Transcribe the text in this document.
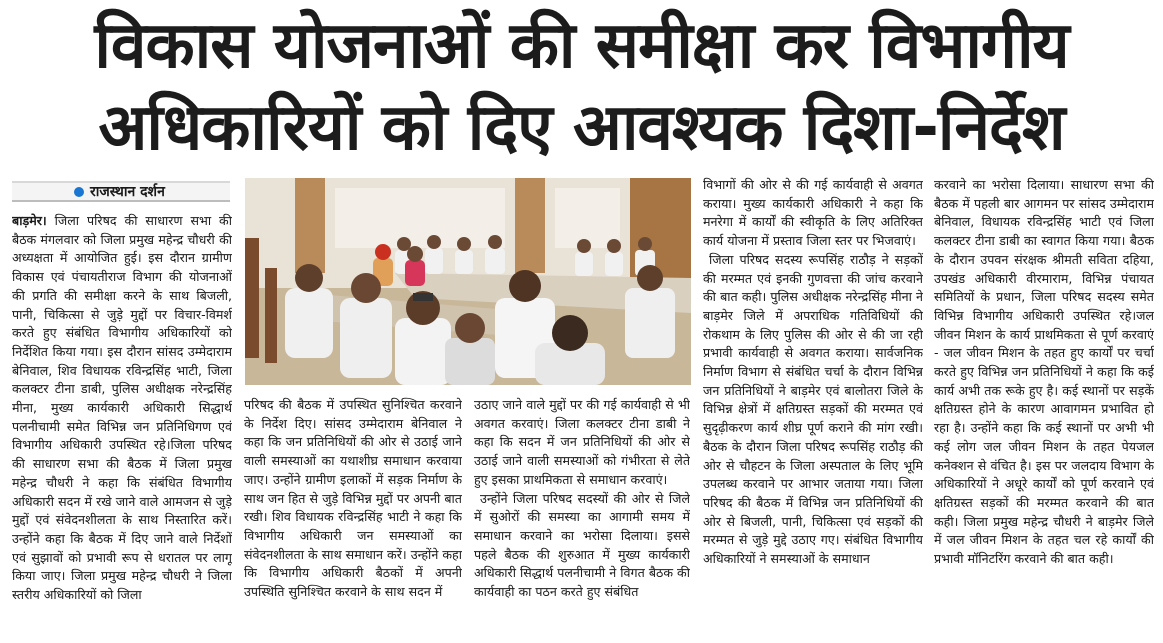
विकास योजनाओं की समीक्षा कर विभागीय
अधिकारियों को दिए आवश्यक दिशा-निर्देश
राजस्थान दर्शन

बाड़मेर। जिला परिषद की साधारण सभा की बैठक मंगलवार को जिला प्रमुख महेन्द्र चौधरी की अध्यक्षता में आयोजित हुई। इस दौरान ग्रामीण विकास एवं पंचायतीराज विभाग की योजनाओं की प्रगति की समीक्षा करने के साथ बिजली, पानी, चिकित्सा से जुड़े मुद्दों पर विचार-विमर्श करते हुए संबंधित विभागीय अधिकारियों को निर्देशित किया गया। इस दौरान सांसद उम्मेदाराम बेनिवाल, शिव विधायक रविन्द्रसिंह भाटी, जिला कलक्टर टीना डाबी, पुलिस अधीक्षक नरेन्द्रसिंह मीना, मुख्य कार्यकारी अधिकारी सिद्धार्थ पलनीचामी समेत विभिन्न जन प्रतिनिधिगण एवं विभागीय अधिकारी उपस्थित रहे।जिला परिषद की साधारण सभा की बैठक में जिला प्रमुख महेन्द्र चौधरी ने कहा कि संबंधित विभागीय अधिकारी सदन में रखे जाने वाले आमजन से जुड़े मुद्दों एवं संवेदनशीलता के साथ निस्तारित करें। उन्होंने कहा कि बैठक में दिए जाने वाले निर्देशों एवं सुझावों को प्रभावी रूप से धरातल पर लागू किया जाए। जिला प्रमुख महेन्द्र चौधरी ने जिला स्तरीय अधिकारियों को जिला

परिषद की बैठक में उपस्थित सुनिश्चित करवाने के निर्देश दिए। सांसद उम्मेदाराम बेनिवाल ने कहा कि जन प्रतिनिधियों की ओर से उठाई जाने वाली समस्याओं का यथाशीघ्र समाधान करवाया जाए। उन्होंने ग्रामीण इलाकों में सड़क निर्माण के साथ जन हित से जुड़े विभिन्न मुद्दों पर अपनी बात रखी। शिव विधायक रविन्द्रसिंह भाटी ने कहा कि विभागीय अधिकारी जन समस्याओं का संवेदनशीलता के साथ समाधान करें। उन्होंने कहा कि विभागीय अधिकारी बैठकों में अपनी उपस्थिति सुनिश्चित करवाने के साथ सदन में

उठाए जाने वाले मुद्दों पर की गई कार्यवाही से भी अवगत करवाएं। जिला कलक्टर टीना डाबी ने कहा कि सदन में जन प्रतिनिधियों की ओर से उठाई जाने वाली समस्याओं को गंभीरता से लेते हुए इसका प्राथमिकता से समाधान करवाएं।

उन्होंने जिला परिषद सदस्यों की ओर से जिले में सुओरों की समस्या का आगामी समय में समाधान करवाने का भरोसा दिलाया। इससे पहले बैठक की शुरुआत में मुख्य कार्यकारी अधिकारी सिद्धार्थ पलनीचामी ने विगत बैठक की कार्यवाही का पठन करते हुए संबंधित

विभागों की ओर से की गई कार्यवाही से अवगत कराया। मुख्य कार्यकारी अधिकारी ने कहा कि मनरेगा में कार्यों की स्वीकृति के लिए अतिरिक्त कार्य योजना में प्रस्ताव जिला स्तर पर भिजवाएं।

जिला परिषद सदस्य रूपसिंह राठौड़ ने सड़कों की मरम्मत एवं इनकी गुणवत्ता की जांच करवाने की बात कही। पुलिस अधीक्षक नरेन्द्रसिंह मीना ने बाड़मेर जिले में अपराधिक गतिविधियों की रोकथाम के लिए पुलिस की ओर से की जा रही प्रभावी कार्यवाही से अवगत कराया। सार्वजनिक निर्माण विभाग से संबंधित चर्चा के दौरान विभिन्न जन प्रतिनिधियों ने बाड़मेर एवं बालोतरा जिले के विभिन्न क्षेत्रों में क्षतिग्रस्त सड़कों की मरम्मत एवं सुदृढ़ीकरण कार्य शीघ्र पूर्ण कराने की मांग रखी। बैठक के दौरान जिला परिषद रूपसिंह राठौड़ की ओर से चौहटन के जिला अस्पताल के लिए भूमि उपलब्ध करवाने पर आभार जताया गया। जिला परिषद की बैठक में विभिन्न जन प्रतिनिधियों की ओर से बिजली, पानी, चिकित्सा एवं सड़कों की मरम्मत से जुड़े मुद्दे उठाए गए। संबंधित विभागीय अधिकारियों ने समस्याओं के समाधान

करवाने का भरोसा दिलाया। साधारण सभा की बैठक में पहली बार आगमन पर सांसद उम्मेदाराम बेनिवाल, विधायक रविन्द्रसिंह भाटी एवं जिला कलक्टर टीना डाबी का स्वागत किया गया। बैठक के दौरान उपवन संरक्षक श्रीमती सविता दहिया, उपखंड अधिकारी वीरमाराम, विभिन्न पंचायत समितियों के प्रधान, जिला परिषद सदस्य समेत विभिन्न विभागीय अधिकारी उपस्थित रहे।जल जीवन मिशन के कार्य प्राथमिकता से पूर्ण करवाएं - जल जीवन मिशन के तहत हुए कार्यों पर चर्चा करते हुए विभिन्न जन प्रतिनिधियों ने कहा कि कई कार्य अभी तक रूके हुए है। कई स्थानों पर सड़कें क्षतिग्रस्त होने के कारण आवागमन प्रभावित हो रहा है। उन्होंने कहा कि कई स्थानों पर अभी भी कई लोग जल जीवन मिशन के तहत पेयजल कनेक्शन से वंचित है। इस पर जलदाय विभाग के अधिकारियों ने अधूरे कार्यों को पूर्ण करवाने एवं क्षतिग्रस्त सड़कों की मरम्मत करवाने की बात कही। जिला प्रमुख महेन्द्र चौधरी ने बाड़मेर जिले में जल जीवन मिशन के तहत चल रहे कार्यों की प्रभावी मॉनिटरिंग करवाने की बात कही।
